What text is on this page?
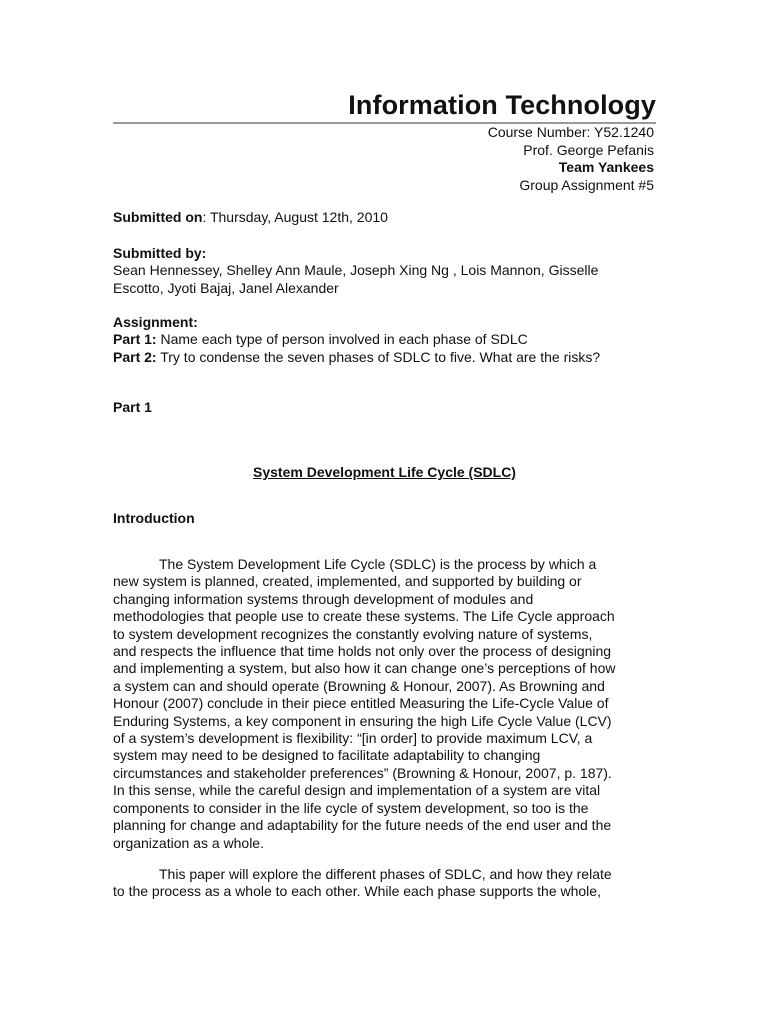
Information Technology
Course Number: Y52.1240
Prof. George Pefanis
Team Yankees
Group Assignment #5
Submitted on: Thursday, August 12th, 2010
Submitted by:
Sean Hennessey, Shelley Ann Maule, Joseph Xing Ng , Lois Mannon, Gisselle
Escotto, Jyoti Bajaj, Janel Alexander
Assignment:
Part 1: Name each type of person involved in each phase of SDLC
Part 2: Try to condense the seven phases of SDLC to five. What are the risks?
Part 1
System Development Life Cycle (SDLC)
Introduction
The System Development Life Cycle (SDLC) is the process by which a
new system is planned, created, implemented, and supported by building or
changing information systems through development of modules and
methodologies that people use to create these systems. The Life Cycle approach
to system development recognizes the constantly evolving nature of systems,
and respects the influence that time holds not only over the process of designing
and implementing a system, but also how it can change one’s perceptions of how
a system can and should operate (Browning & Honour, 2007). As Browning and
Honour (2007) conclude in their piece entitled Measuring the Life-Cycle Value of
Enduring Systems, a key component in ensuring the high Life Cycle Value (LCV)
of a system’s development is flexibility: “[in order] to provide maximum LCV, a
system may need to be designed to facilitate adaptability to changing
circumstances and stakeholder preferences” (Browning & Honour, 2007, p. 187).
In this sense, while the careful design and implementation of a system are vital
components to consider in the life cycle of system development, so too is the
planning for change and adaptability for the future needs of the end user and the
organization as a whole.
This paper will explore the different phases of SDLC, and how they relate
to the process as a whole to each other. While each phase supports the whole,
